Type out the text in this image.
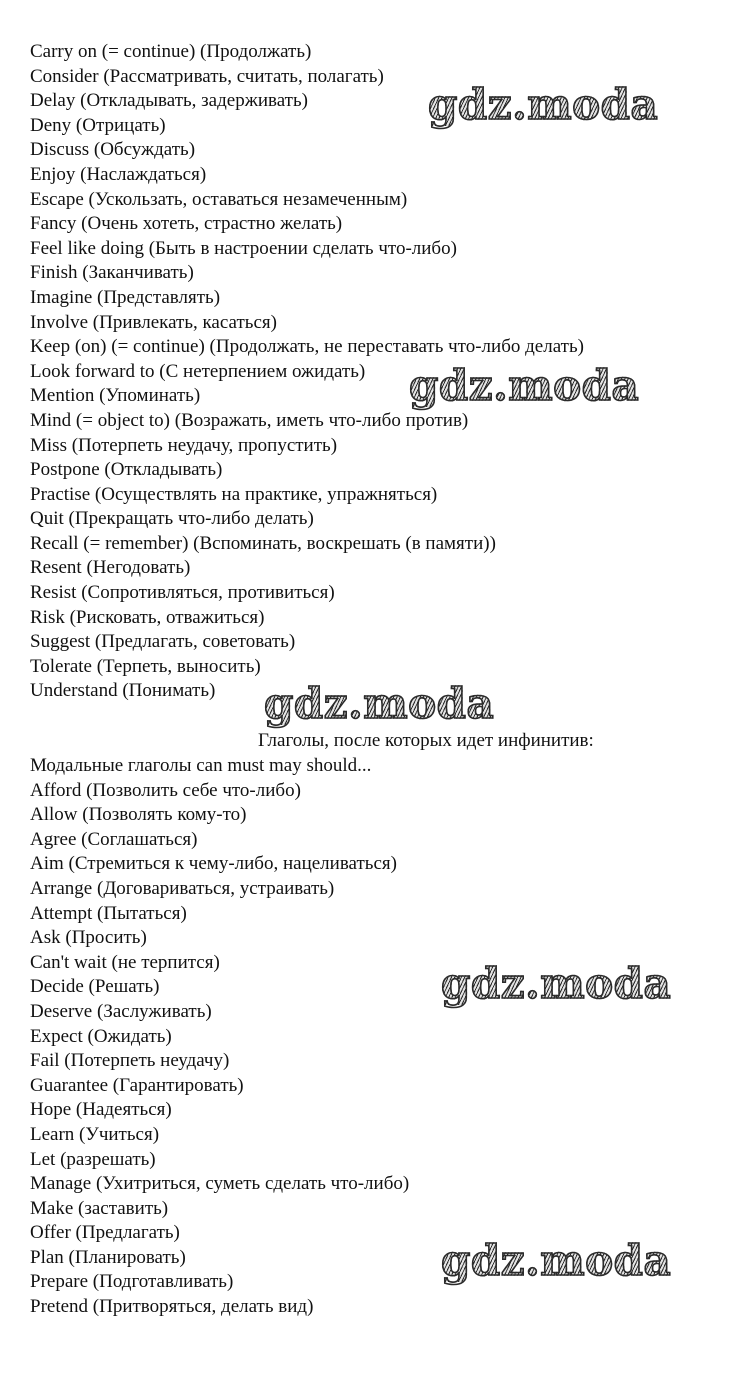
Carry on (= continue) (Продолжать)
Consider (Рассматривать, считать, полагать)
Delay (Откладывать, задерживать)
Deny (Отрицать)
Discuss (Обсуждать)
Enjoy (Наслаждаться)
Escape (Ускользать, оставаться незамеченным)
Fancy (Очень хотеть, страстно желать)
Feel like doing (Быть в настроении сделать что-либо)
Finish (Заканчивать)
Imagine (Представлять)
Involve (Привлекать, касаться)
Keep (on) (= continue) (Продолжать, не переставать что-либо делать)
Look forward to (С нетерпением ожидать)
Mention (Упоминать)
Mind (= object to) (Возражать, иметь что-либо против)
Miss (Потерпеть неудачу, пропустить)
Postpone (Откладывать)
Practise (Осуществлять на практике, упражняться)
Quit (Прекращать что-либо делать)
Recall (= remember) (Вспоминать, воскрешать (в памяти))
Resent (Негодовать)
Resist (Сопротивляться, противиться)
Risk (Рисковать, отважиться)
Suggest (Предлагать, советовать)
Tolerate (Терпеть, выносить)
Understand (Понимать)
Глаголы, после которых идет инфинитив:
Модальные глаголы can must may should...
Afford (Позволить себе что-либо)
Allow (Позволять кому-то)
Agree (Соглашаться)
Aim (Стремиться к чему-либо, нацеливаться)
Arrange (Договариваться, устраивать)
Attempt (Пытаться)
Ask (Просить)
Can't wait (не терпится)
Decide (Решать)
Deserve (Заслуживать)
Expect (Ожидать)
Fail (Потерпеть неудачу)
Guarantee (Гарантировать)
Hope (Надеяться)
Learn (Учиться)
Let (разрешать)
Manage (Ухитриться, суметь сделать что-либо)
Make (заставить)
Offer (Предлагать)
Plan (Планировать)
Prepare (Подготавливать)
Pretend (Притворяться, делать вид)
gdz.moda
gdz.moda
gdz.moda
gdz.moda
gdz.moda
